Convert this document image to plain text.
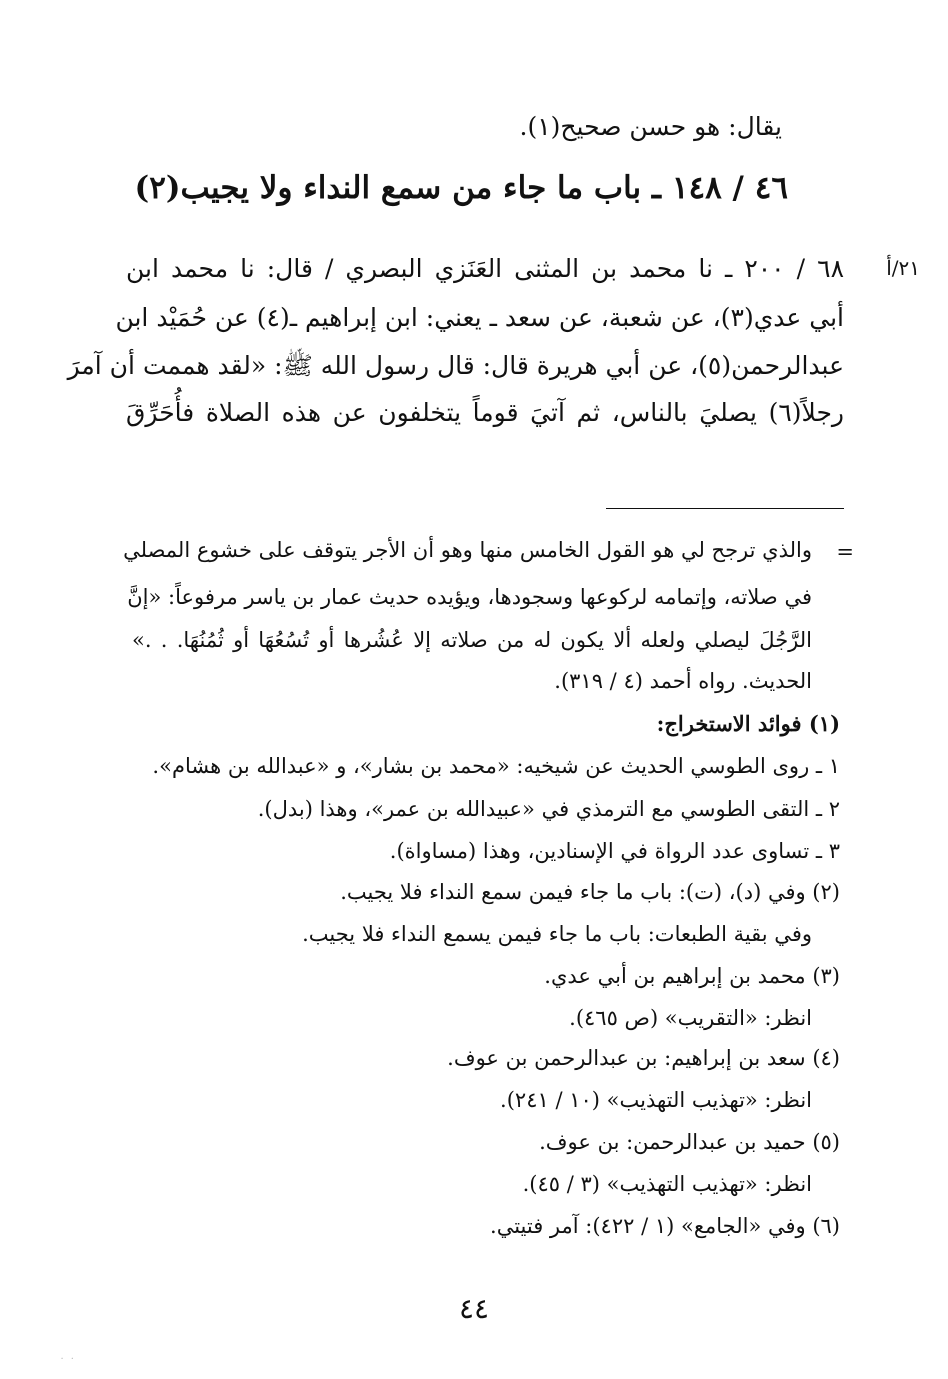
يقال: هو حسن صحيح(١).
٤٦ / ١٤٨ ـ باب ما جاء من سمع النداء ولا يجيب(٢)
٢١/أ
٦٨ / ٢٠٠ ـ نا محمد بن المثنى العَنَزي البصري / قال: نا محمد ابن
أبي عدي(٣)، عن شعبة، عن سعد ـ يعني: ابن إبراهيم ـ(٤) عن حُمَيْد ابن
عبدالرحمن(٥)، عن أبي هريرة قال: قال رسول الله ﷺ: «لقد هممت أن آمرَ
رجلاً(٦) يصليَ بالناس، ثم آتيَ قوماً يتخلفون عن هذه الصلاة فأُحَرِّقَ
=
والذي ترجح لي هو القول الخامس منها وهو أن الأجر يتوقف على خشوع المصلي
في صلاته، وإتمامه لركوعها وسجودها، ويؤيده حديث عمار بن ياسر مرفوعاً: «إنَّ
الرَّجُلَ ليصلي ولعله ألا يكون له من صلاته إلا عُشُرها أو تُسُعُهَا أو ثُمُنُهَا. . .»
الحديث. رواه أحمد (٤ / ٣١٩).
(١) فوائد الاستخراج:
١ ـ روى الطوسي الحديث عن شيخيه: «محمد بن بشار»، و «عبدالله بن هشام».
٢ ـ التقى الطوسي مع الترمذي في «عبيدالله بن عمر»، وهذا (بدل).
٣ ـ تساوى عدد الرواة في الإسنادين، وهذا (مساواة).
(٢) وفي (د)، (ت): باب ما جاء فيمن سمع النداء فلا يجيب.
وفي بقية الطبعات: باب ما جاء فيمن يسمع النداء فلا يجيب.
(٣) محمد بن إبراهيم بن أبي عدي.
انظر: «التقريب» (ص ٤٦٥).
(٤) سعد بن إبراهيم: بن عبدالرحمن بن عوف.
انظر: «تهذيب التهذيب» (١٠ / ٢٤١).
(٥) حميد بن عبدالرحمن: بن عوف.
انظر: «تهذيب التهذيب» (٣ / ٤٥).
(٦) وفي «الجامع» (١ / ٤٢٢): آمر فتيتي.
٤٤
· ·
